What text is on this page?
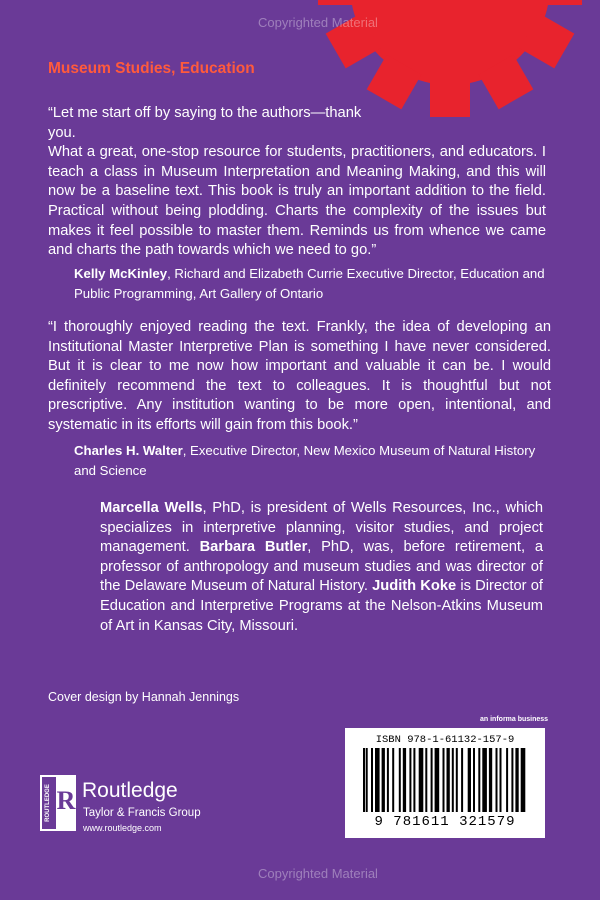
Copyrighted Material
Museum Studies, Education
“Let me start off by saying to the authors—thank you.
What a great, one-stop resource for students, practitioners, and educators. I teach a class in Museum Interpretation and Meaning Making, and this will now be a baseline text. This book is truly an important addition to the field. Practical without being plodding. Charts the complexity of the issues but makes it feel possible to master them. Reminds us from whence we came and charts the path towards which we need to go.”
Kelly McKinley, Richard and Elizabeth Currie Executive Director, Education and Public Programming, Art Gallery of Ontario
“I thoroughly enjoyed reading the text. Frankly, the idea of developing an Institutional Master Interpretive Plan is something I have never considered. But it is clear to me now how important and valuable it can be. I would definitely recommend the text to colleagues. It is thoughtful but not prescriptive. Any institution wanting to be more open, intentional, and systematic in its efforts will gain from this book.”
Charles H. Walter, Executive Director, New Mexico Museum of Natural History and Science
Marcella Wells, PhD, is president of Wells Resources, Inc., which specializes in interpretive planning, visitor studies, and project management. Barbara Butler, PhD, was, before retirement, a professor of anthropology and museum studies and was director of the Delaware Museum of Natural History. Judith Koke is Director of Education and Interpretive Programs at the Nelson-Atkins Museum of Art in Kansas City, Missouri.
Cover design by Hannah Jennings
an informa business
ISBN 978-1-61132-157-9
9 781611 321579
ROUTLEDGE R Routledge
Taylor & Francis Group
www.routledge.com
Copyrighted Material
